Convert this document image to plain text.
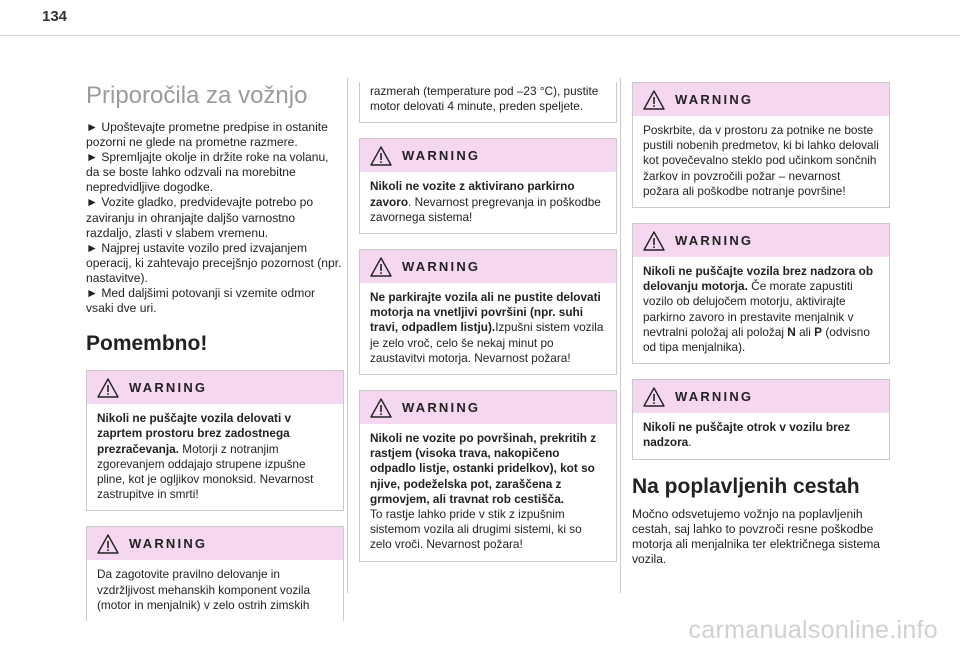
134
Priporočila za vožnjo

► Upoštevajte prometne predpise in ostanite pozorni ne glede na prometne razmere.
► Spremljajte okolje in držite roke na volanu, da se boste lahko odzvali na morebitne nepredvidljive dogodke.
► Vozite gladko, predvidevajte potrebo po zaviranju in ohranjajte daljšo varnostno razdaljo, zlasti v slabem vremenu.
► Najprej ustavite vozilo pred izvajanjem operacij, ki zahtevajo precejšnjo pozornost (npr. nastavitve).
► Med daljšimi potovanji si vzemite odmor vsaki dve uri.

Pomembno!
WARNING
Nikoli ne puščajte vozila delovati v zaprtem prostoru brez zadostnega prezračevanja. Motorji z notranjim zgorevanjem oddajajo strupene izpušne pline, kot je ogljikov monoksid. Nevarnost zastrupitve in smrti!
WARNING
Da zagotovite pravilno delovanje in vzdržljivost mehanskih komponent vozila (motor in menjalnik) v zelo ostrih zimskih
razmerah (temperature pod –23 °C), pustite motor delovati 4 minute, preden speljete.
WARNING
Nikoli ne vozite z aktivirano parkirno zavoro. Nevarnost pregrevanja in poškodbe zavornega sistema!
WARNING
Ne parkirajte vozila ali ne pustite delovati motorja na vnetljivi površini (npr. suhi travi, odpadlem listju).Izpušni sistem vozila je zelo vroč, celo še nekaj minut po zaustavitvi motorja. Nevarnost požara!
WARNING
Nikoli ne vozite po površinah, prekritih z rastjem (visoka trava, nakopičeno odpadlo listje, ostanki pridelkov), kot so njive, podeželska pot, zaraščena z grmovjem, ali travnat rob cestišča.
To rastje lahko pride v stik z izpušnim sistemom vozila ali drugimi sistemi, ki so zelo vroči. Nevarnost požara!
WARNING
Poskrbite, da v prostoru za potnike ne boste pustili nobenih predmetov, ki bi lahko delovali kot povečevalno steklo pod učinkom sončnih žarkov in povzročili požar – nevarnost požara ali poškodbe notranje površine!
WARNING
Nikoli ne puščajte vozila brez nadzora ob delovanju motorja. Če morate zapustiti vozilo ob delujočem motorju, aktivirajte parkirno zavoro in prestavite menjalnik v nevtralni položaj ali položaj N ali P (odvisno od tipa menjalnika).
WARNING
Nikoli ne puščajte otrok v vozilu brez nadzora.
Na poplavljenih cestah

Močno odsvetujemo vožnjo na poplavljenih cestah, saj lahko to povzroči resne poškodbe motorja ali menjalnika ter električnega sistema vozila.

carmanualsonline.info
